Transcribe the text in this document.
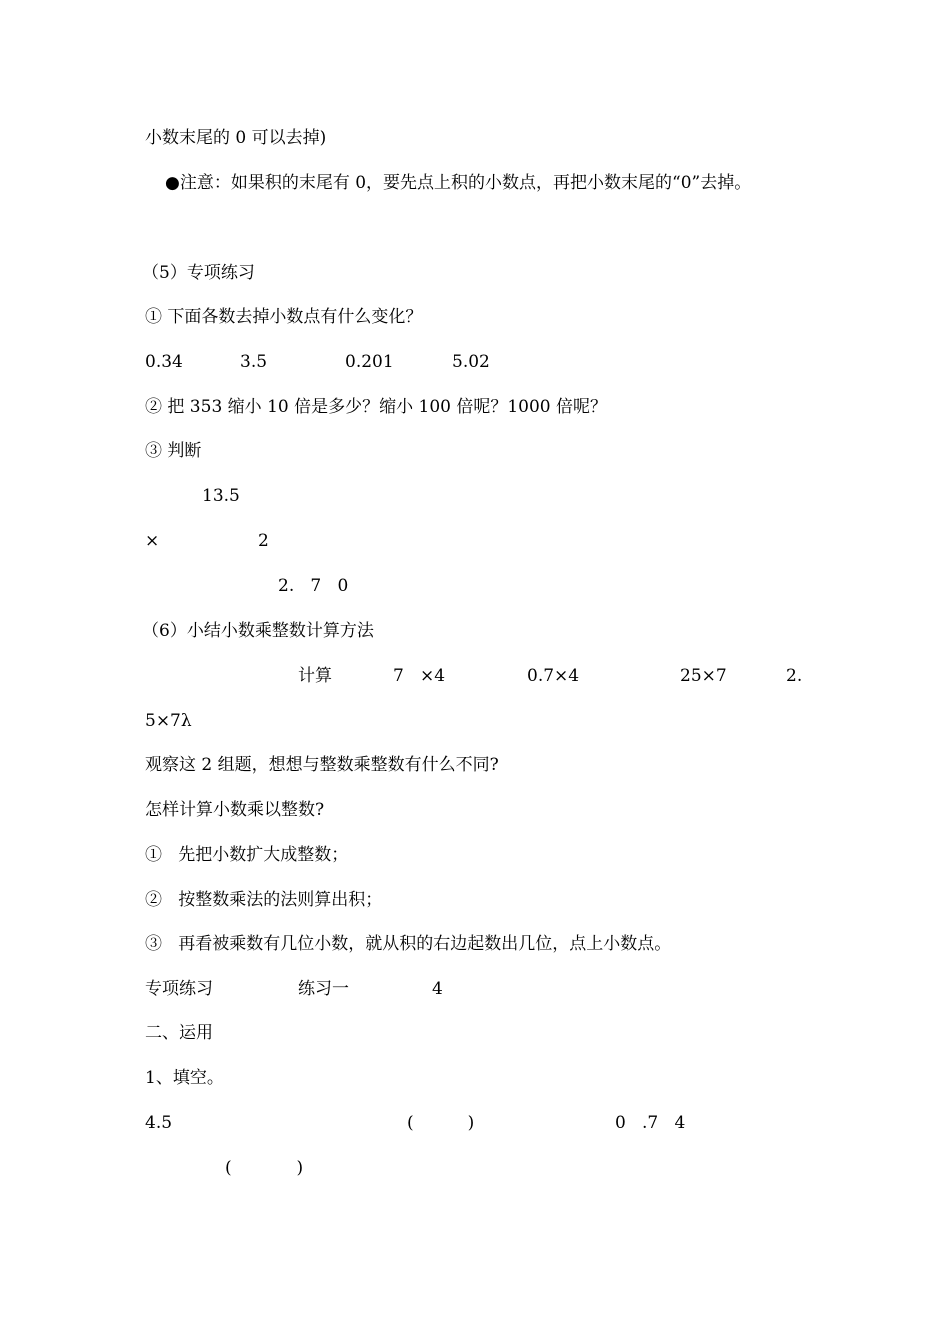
小数末尾的 0 可以去掉)
●注意：如果积的末尾有 0，要先点上积的小数点，再把小数末尾的“0”去掉。
（5）专项练习
① 下面各数去掉小数点有什么变化？
0.34	3.5	0.201	5.02
② 把 353 缩小 10 倍是多少？缩小 100 倍呢？1000 倍呢？
③ 判断
13.5
×	2
2.   7   0
（6）小结小数乘整数计算方法
计算	7   ×4	0.7×4	25×7	2.
5×7λ
观察这 2 组题，想想与整数乘整数有什么不同?
怎样计算小数乘以整数?
①   先把小数扩大成整数；
②   按整数乘法的法则算出积；
③   再看被乘数有几位小数，就从积的右边起数出几位，点上小数点。
专项练习	练习一	4
二、运用
1、填空。
4.5	(          )	0   .7   4
(            )
